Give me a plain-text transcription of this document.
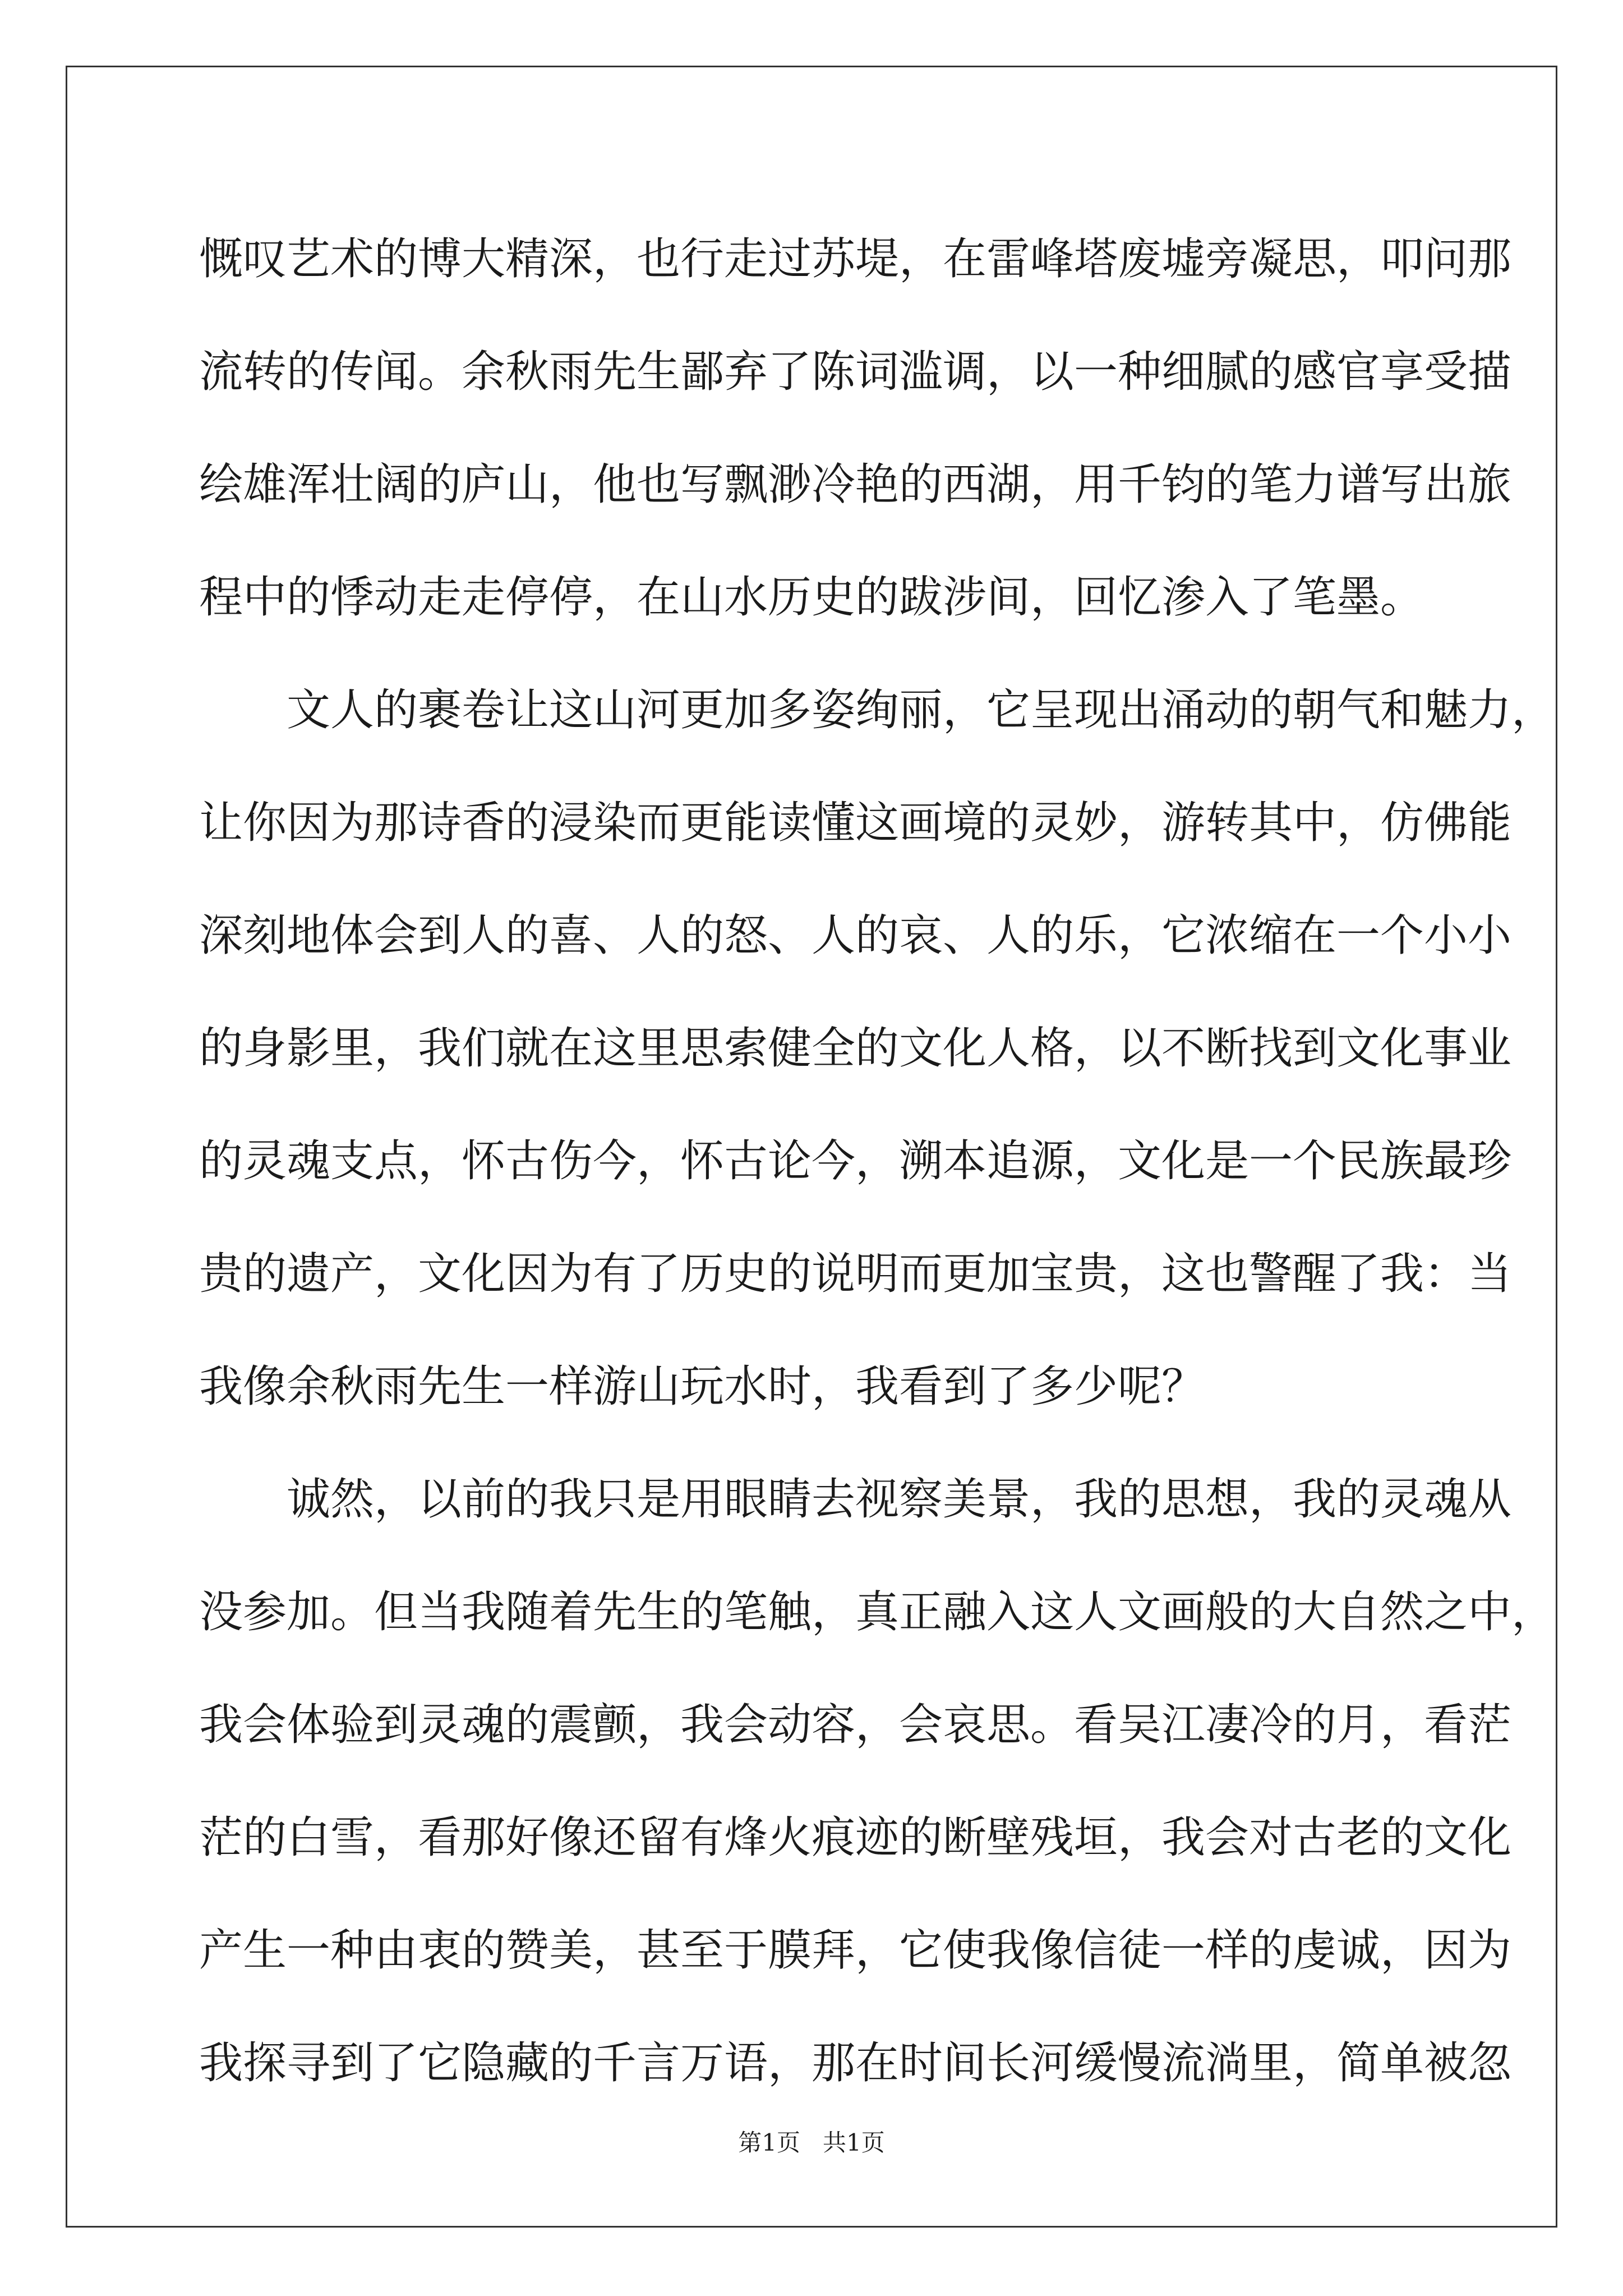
慨叹艺术的博大精深，也行走过苏堤，在雷峰塔废墟旁凝思，叩问那
流转的传闻。余秋雨先生鄙弃了陈词滥调，以一种细腻的感官享受描
绘雄浑壮阔的庐山，他也写飘渺冷艳的西湖，用千钧的笔力谱写出旅
程中的悸动走走停停，在山水历史的跋涉间，回忆渗入了笔墨。
文人的裹卷让这山河更加多姿绚丽，它呈现出涌动的朝气和魅力，
让你因为那诗香的浸染而更能读懂这画境的灵妙，游转其中，仿佛能
深刻地体会到人的喜、人的怒、人的哀、人的乐，它浓缩在一个小小
的身影里，我们就在这里思索健全的文化人格，以不断找到文化事业
的灵魂支点，怀古伤今，怀古论今，溯本追源，文化是一个民族最珍
贵的遗产，文化因为有了历史的说明而更加宝贵，这也警醒了我：当
我像余秋雨先生一样游山玩水时，我看到了多少呢？
诚然，以前的我只是用眼睛去视察美景，我的思想，我的灵魂从
没参加。但当我随着先生的笔触，真正融入这人文画般的大自然之中，
我会体验到灵魂的震颤，我会动容，会哀思。看吴江凄冷的月，看茫
茫的白雪，看那好像还留有烽火痕迹的断壁残垣，我会对古老的文化
产生一种由衷的赞美，甚至于膜拜，它使我像信徒一样的虔诚，因为
我探寻到了它隐藏的千言万语，那在时间长河缓慢流淌里，简单被忽
第1页   共1页
